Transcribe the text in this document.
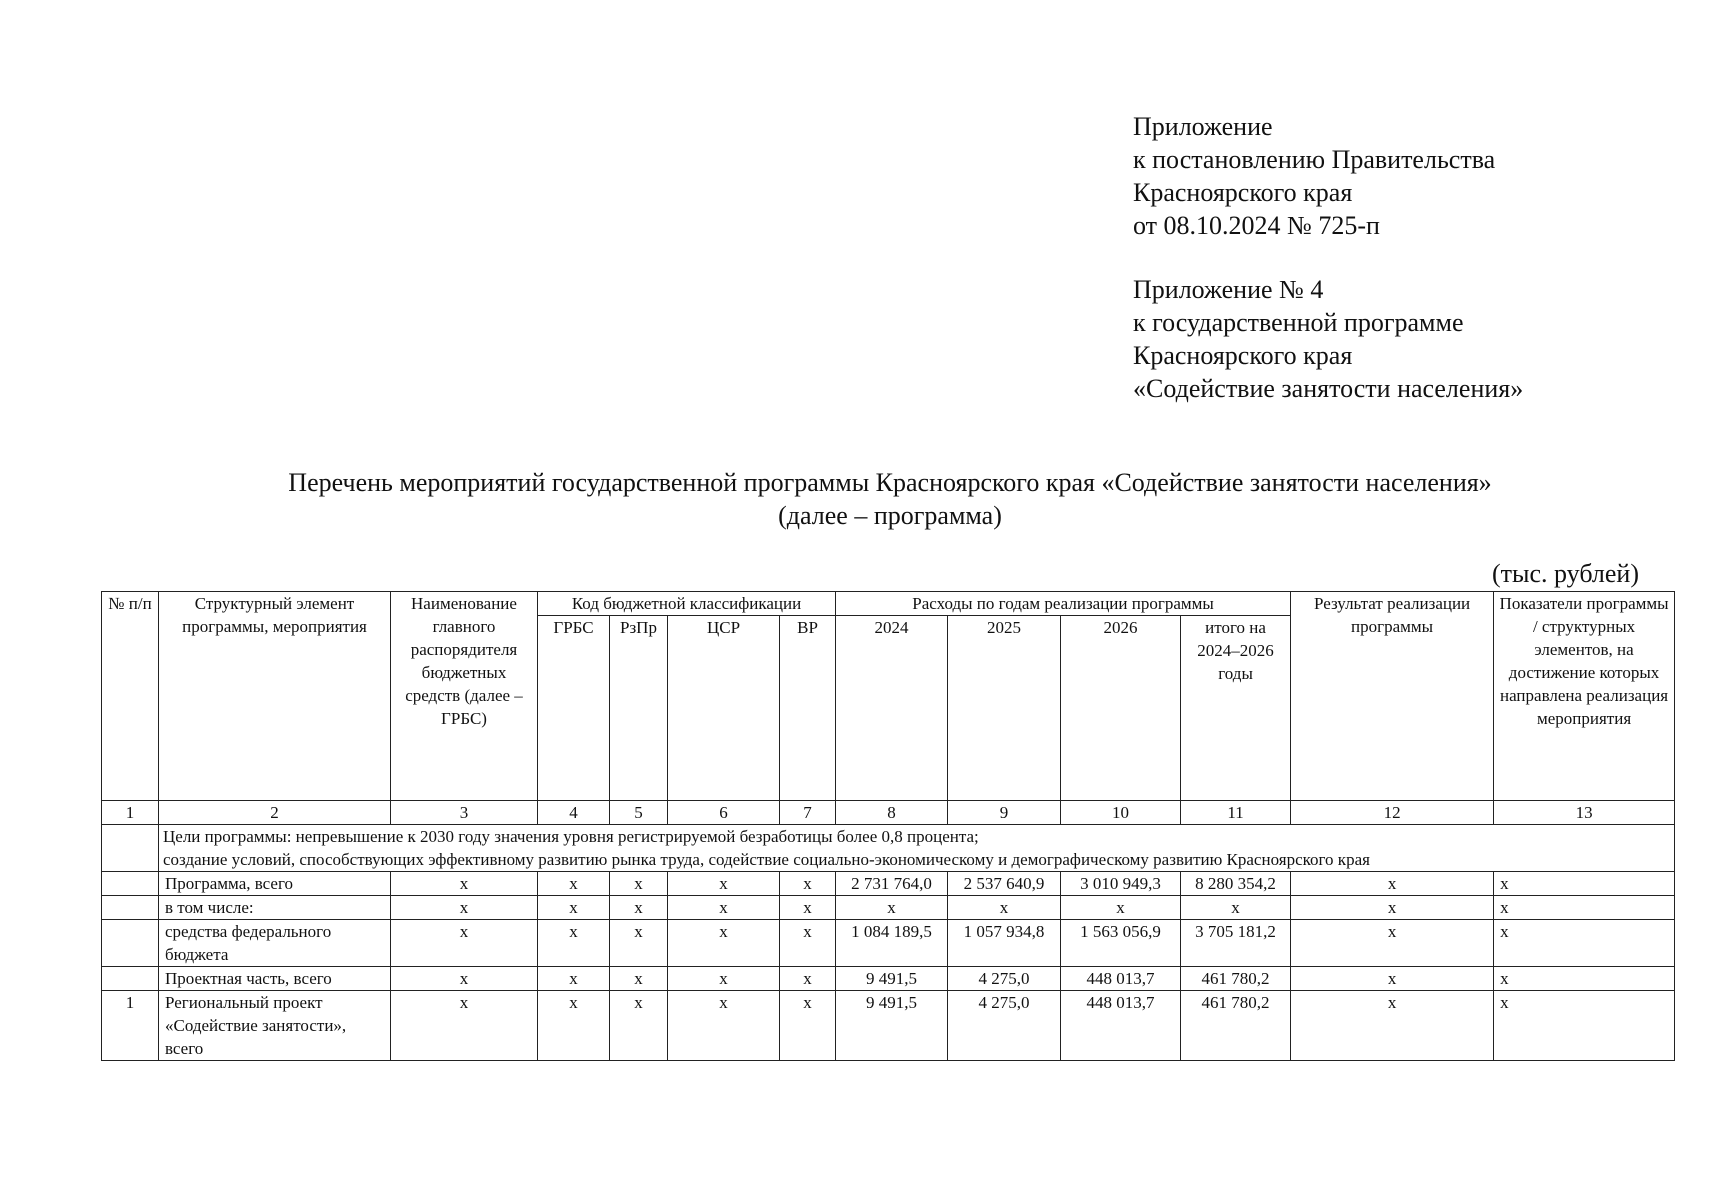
Приложение
к постановлению Правительства
Красноярского края
от 08.10.2024 № 725-п
Приложение № 4
к государственной программе
Красноярского края
«Содействие занятости населения»
Перечень мероприятий государственной программы Красноярского края «Содействие занятости населения»
(далее – программа)
(тыс. рублей)
№ п/п	Структурный элемент программы, мероприятия	Наименование главного распорядителя бюджетных средств (далее – ГРБС)	Код бюджетной классификации				Расходы по годам реализации программы				Результат реализации программы	Показатели программы / структурных элементов, на достижение которых направлена реализация мероприятия
			ГРБС	РзПр	ЦСР	ВР	2024	2025	2026	итого на 2024–2026 годы		
1	2	3	4	5	6	7	8	9	10	11	12	13

	Цели программы: непревышение к 2030 году значения уровня регистрируемой безработицы более 0,8 процента;
создание условий, способствующих эффективному развитию рынка труда, содействие социально-экономическому и демографическому развитию Красноярского края											

	Программа, всего	х	х	х	х	х	2 731 764,0	2 537 640,9	3 010 949,3	8 280 354,2	х	х
	в том числе:	х	х	х	х	х	х	х	х	х	х	х
	средства федерального бюджета	х	х	х	х	х	1 084 189,5	1 057 934,8	1 563 056,9	3 705 181,2	х	х
	Проектная часть, всего	х	х	х	х	х	9 491,5	4 275,0	448 013,7	461 780,2	х	х
1	Региональный проект «Содействие занятости», всего	х	х	х	х	х	9 491,5	4 275,0	448 013,7	461 780,2	х	х
